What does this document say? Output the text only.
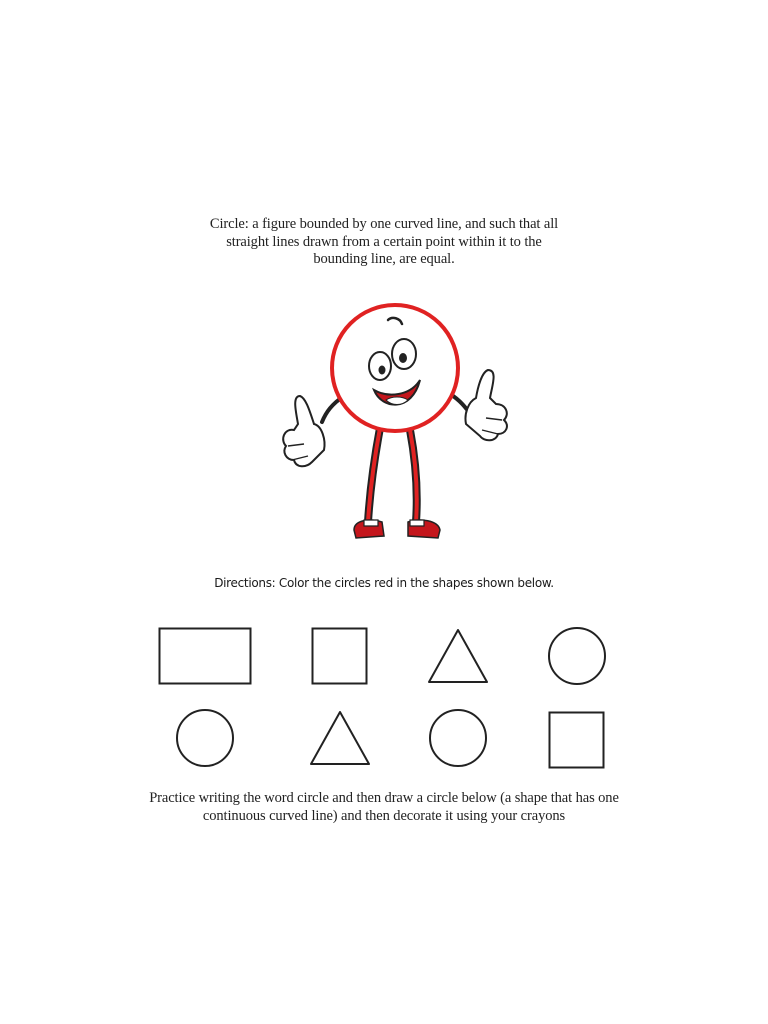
Circle: a figure bounded by one curved line, and such that all
straight lines drawn from a certain point within it to the
bounding line, are equal.
Directions: Color the circles red in the shapes shown below.
Practice writing the word circle and then draw a circle below (a shape that has one
continuous curved line) and then decorate it using your crayons
